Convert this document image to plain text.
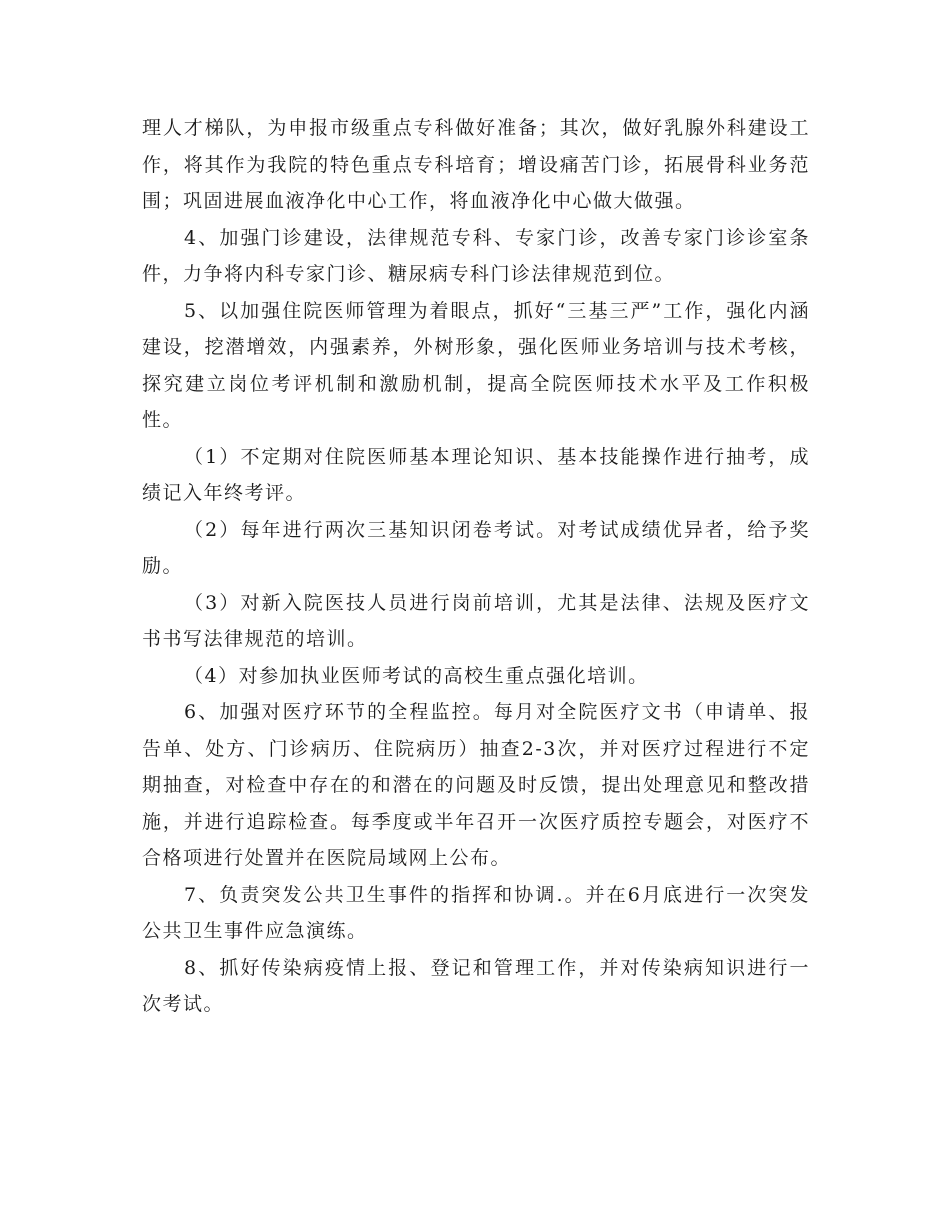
理人才梯队，为申报市级重点专科做好准备；其次，做好乳腺外科建设工作，将其作为我院的特色重点专科培育；增设痛苦门诊，拓展骨科业务范围；巩固进展血液净化中心工作，将血液净化中心做大做强。

4、加强门诊建设，法律规范专科、专家门诊，改善专家门诊诊室条件，力争将内科专家门诊、糖尿病专科门诊法律规范到位。

5、以加强住院医师管理为着眼点，抓好“三基三严”工作，强化内涵建设，挖潜增效，内强素养，外树形象，强化医师业务培训与技术考核，探究建立岗位考评机制和激励机制，提高全院医师技术水平及工作积极性。

（1）不定期对住院医师基本理论知识、基本技能操作进行抽考，成绩记入年终考评。

（2）每年进行两次三基知识闭卷考试。对考试成绩优异者，给予奖励。

（3）对新入院医技人员进行岗前培训，尤其是法律、法规及医疗文书书写法律规范的培训。

（4）对参加执业医师考试的高校生重点强化培训。

6、加强对医疗环节的全程监控。每月对全院医疗文书（申请单、报告单、处方、门诊病历、住院病历）抽查2-3次，并对医疗过程进行不定期抽查，对检查中存在的和潜在的问题及时反馈，提出处理意见和整改措施，并进行追踪检查。每季度或半年召开一次医疗质控专题会，对医疗不合格项进行处置并在医院局域网上公布。

7、负责突发公共卫生事件的指挥和协调.。并在6月底进行一次突发公共卫生事件应急演练。

8、抓好传染病疫情上报、登记和管理工作，并对传染病知识进行一次考试。
